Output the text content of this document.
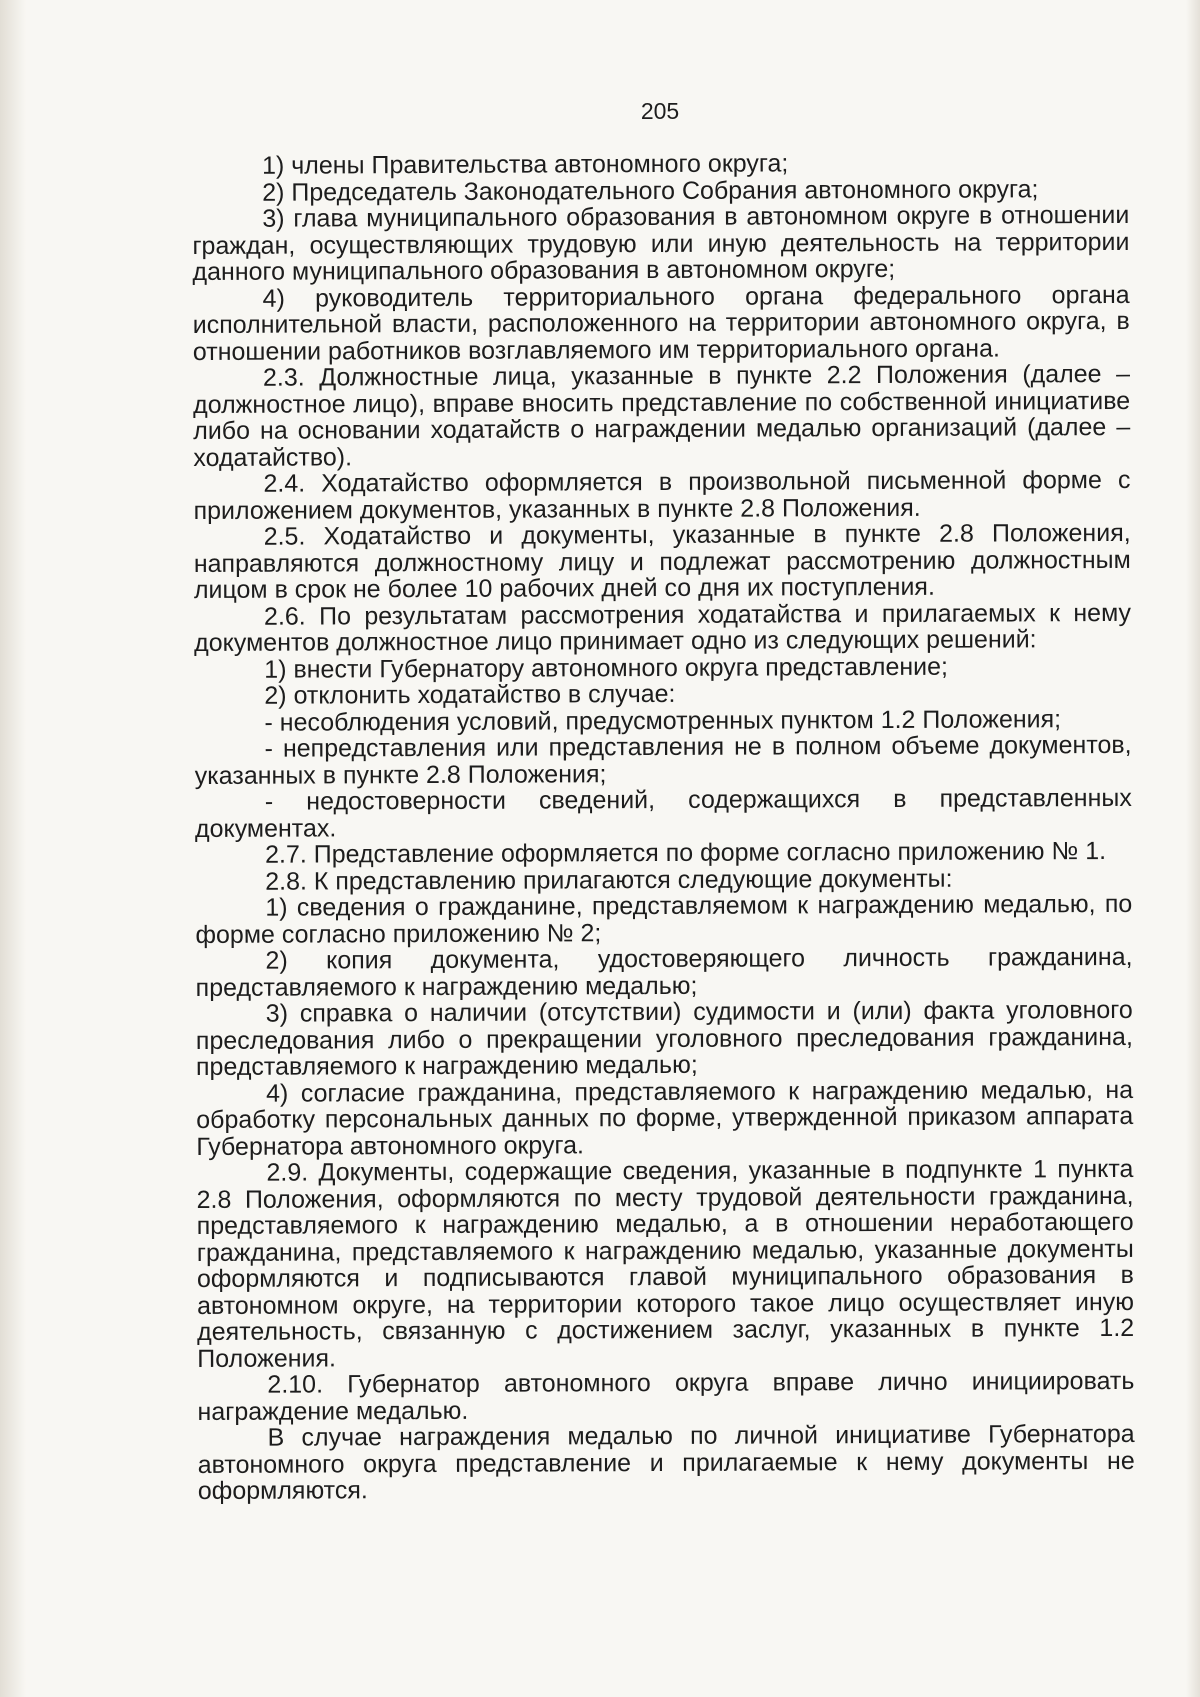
205

1) члены Правительства автономного округа;

2) Председатель Законодательного Собрания автономного округа;

3) глава муниципального образования в автономном округе в отношении граждан, осуществляющих трудовую или иную деятельность на территории данного муниципального образования в автономном округе;

4) руководитель территориального органа федерального органа исполнительной власти, расположенного на территории автономного округа, в отношении работников возглавляемого им территориального органа.

2.3. Должностные лица, указанные в пункте 2.2 Положения (далее – должностное лицо), вправе вносить представление по собственной инициативе либо на основании ходатайств о награждении медалью организаций (далее – ходатайство).

2.4. Ходатайство оформляется в произвольной письменной форме с приложением документов, указанных в пункте 2.8 Положения.

2.5. Ходатайство и документы, указанные в пункте 2.8 Положения, направляются должностному лицу и подлежат рассмотрению должностным лицом в срок не более 10 рабочих дней со дня их поступления.

2.6. По результатам рассмотрения ходатайства и прилагаемых к нему документов должностное лицо принимает одно из следующих решений:

1) внести Губернатору автономного округа представление;

2) отклонить ходатайство в случае:

- несоблюдения условий, предусмотренных пунктом 1.2 Положения;

- непредставления или представления не в полном объеме документов, указанных в пункте 2.8 Положения;

- недостоверности сведений, содержащихся в представленных документах.

2.7. Представление оформляется по форме согласно приложению № 1.

2.8. К представлению прилагаются следующие документы:

1) сведения о гражданине, представляемом к награждению медалью, по форме согласно приложению № 2;

2) копия документа, удостоверяющего личность гражданина, представляемого к награждению медалью;

3) справка о наличии (отсутствии) судимости и (или) факта уголовного преследования либо о прекращении уголовного преследования гражданина, представляемого к награждению медалью;

4) согласие гражданина, представляемого к награждению медалью, на обработку персональных данных по форме, утвержденной приказом аппарата Губернатора автономного округа.

2.9. Документы, содержащие сведения, указанные в подпункте 1 пункта 2.8 Положения, оформляются по месту трудовой деятельности гражданина, представляемого к награждению медалью, а в отношении неработающего гражданина, представляемого к награждению медалью, указанные документы оформляются и подписываются главой муниципального образования в автономном округе, на территории которого такое лицо осуществляет иную деятельность, связанную с достижением заслуг, указанных в пункте 1.2 Положения.

2.10. Губернатор автономного округа вправе лично инициировать награждение медалью.

В случае награждения медалью по личной инициативе Губернатора автономного округа представление и прилагаемые к нему документы не оформляются.
